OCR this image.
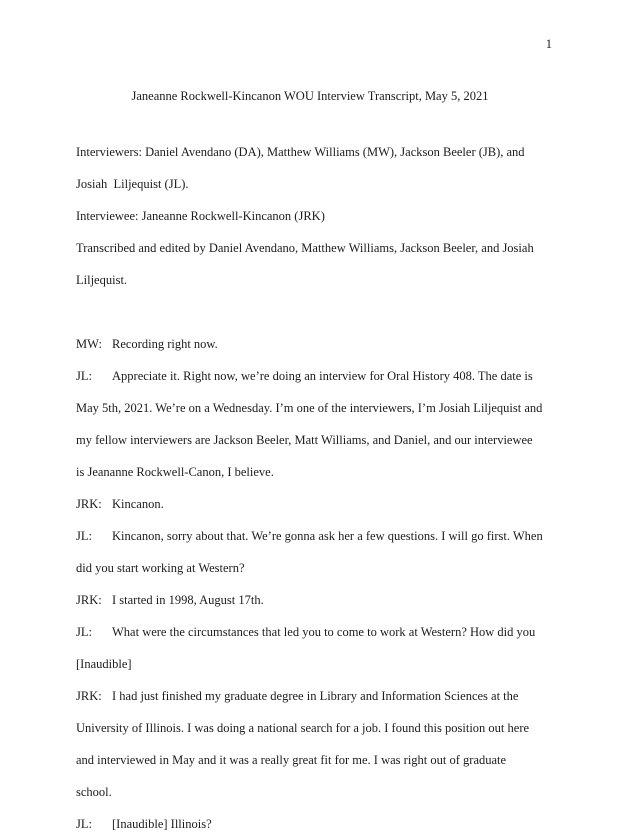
1

Janeanne Rockwell-Kincanon WOU Interview Transcript, May 5, 2021

Interviewers: Daniel Avendano (DA), Matthew Williams (MW), Jackson Beeler (JB), and Josiah  Liljequist (JL).

Interviewee: Janeanne Rockwell-Kincanon (JRK)

Transcribed and edited by Daniel Avendano, Matthew Williams, Jackson Beeler, and Josiah Liljequist.

MW: Recording right now.

JL: Appreciate it. Right now, we’re doing an interview for Oral History 408. The date is May 5th, 2021. We’re on a Wednesday. I’m one of the interviewers, I’m Josiah Liljequist and my fellow interviewers are Jackson Beeler, Matt Williams, and Daniel, and our interviewee is Jeananne Rockwell-Canon, I believe.

JRK: Kincanon.

JL: Kincanon, sorry about that. We’re gonna ask her a few questions. I will go first. When did you start working at Western?

JRK: I started in 1998, August 17th.

JL: What were the circumstances that led you to come to work at Western? How did you [Inaudible]

JRK: I had just finished my graduate degree in Library and Information Sciences at the University of Illinois. I was doing a national search for a job. I found this position out here and interviewed in May and it was a really great fit for me. I was right out of graduate school.

JL: [Inaudible] Illinois?
